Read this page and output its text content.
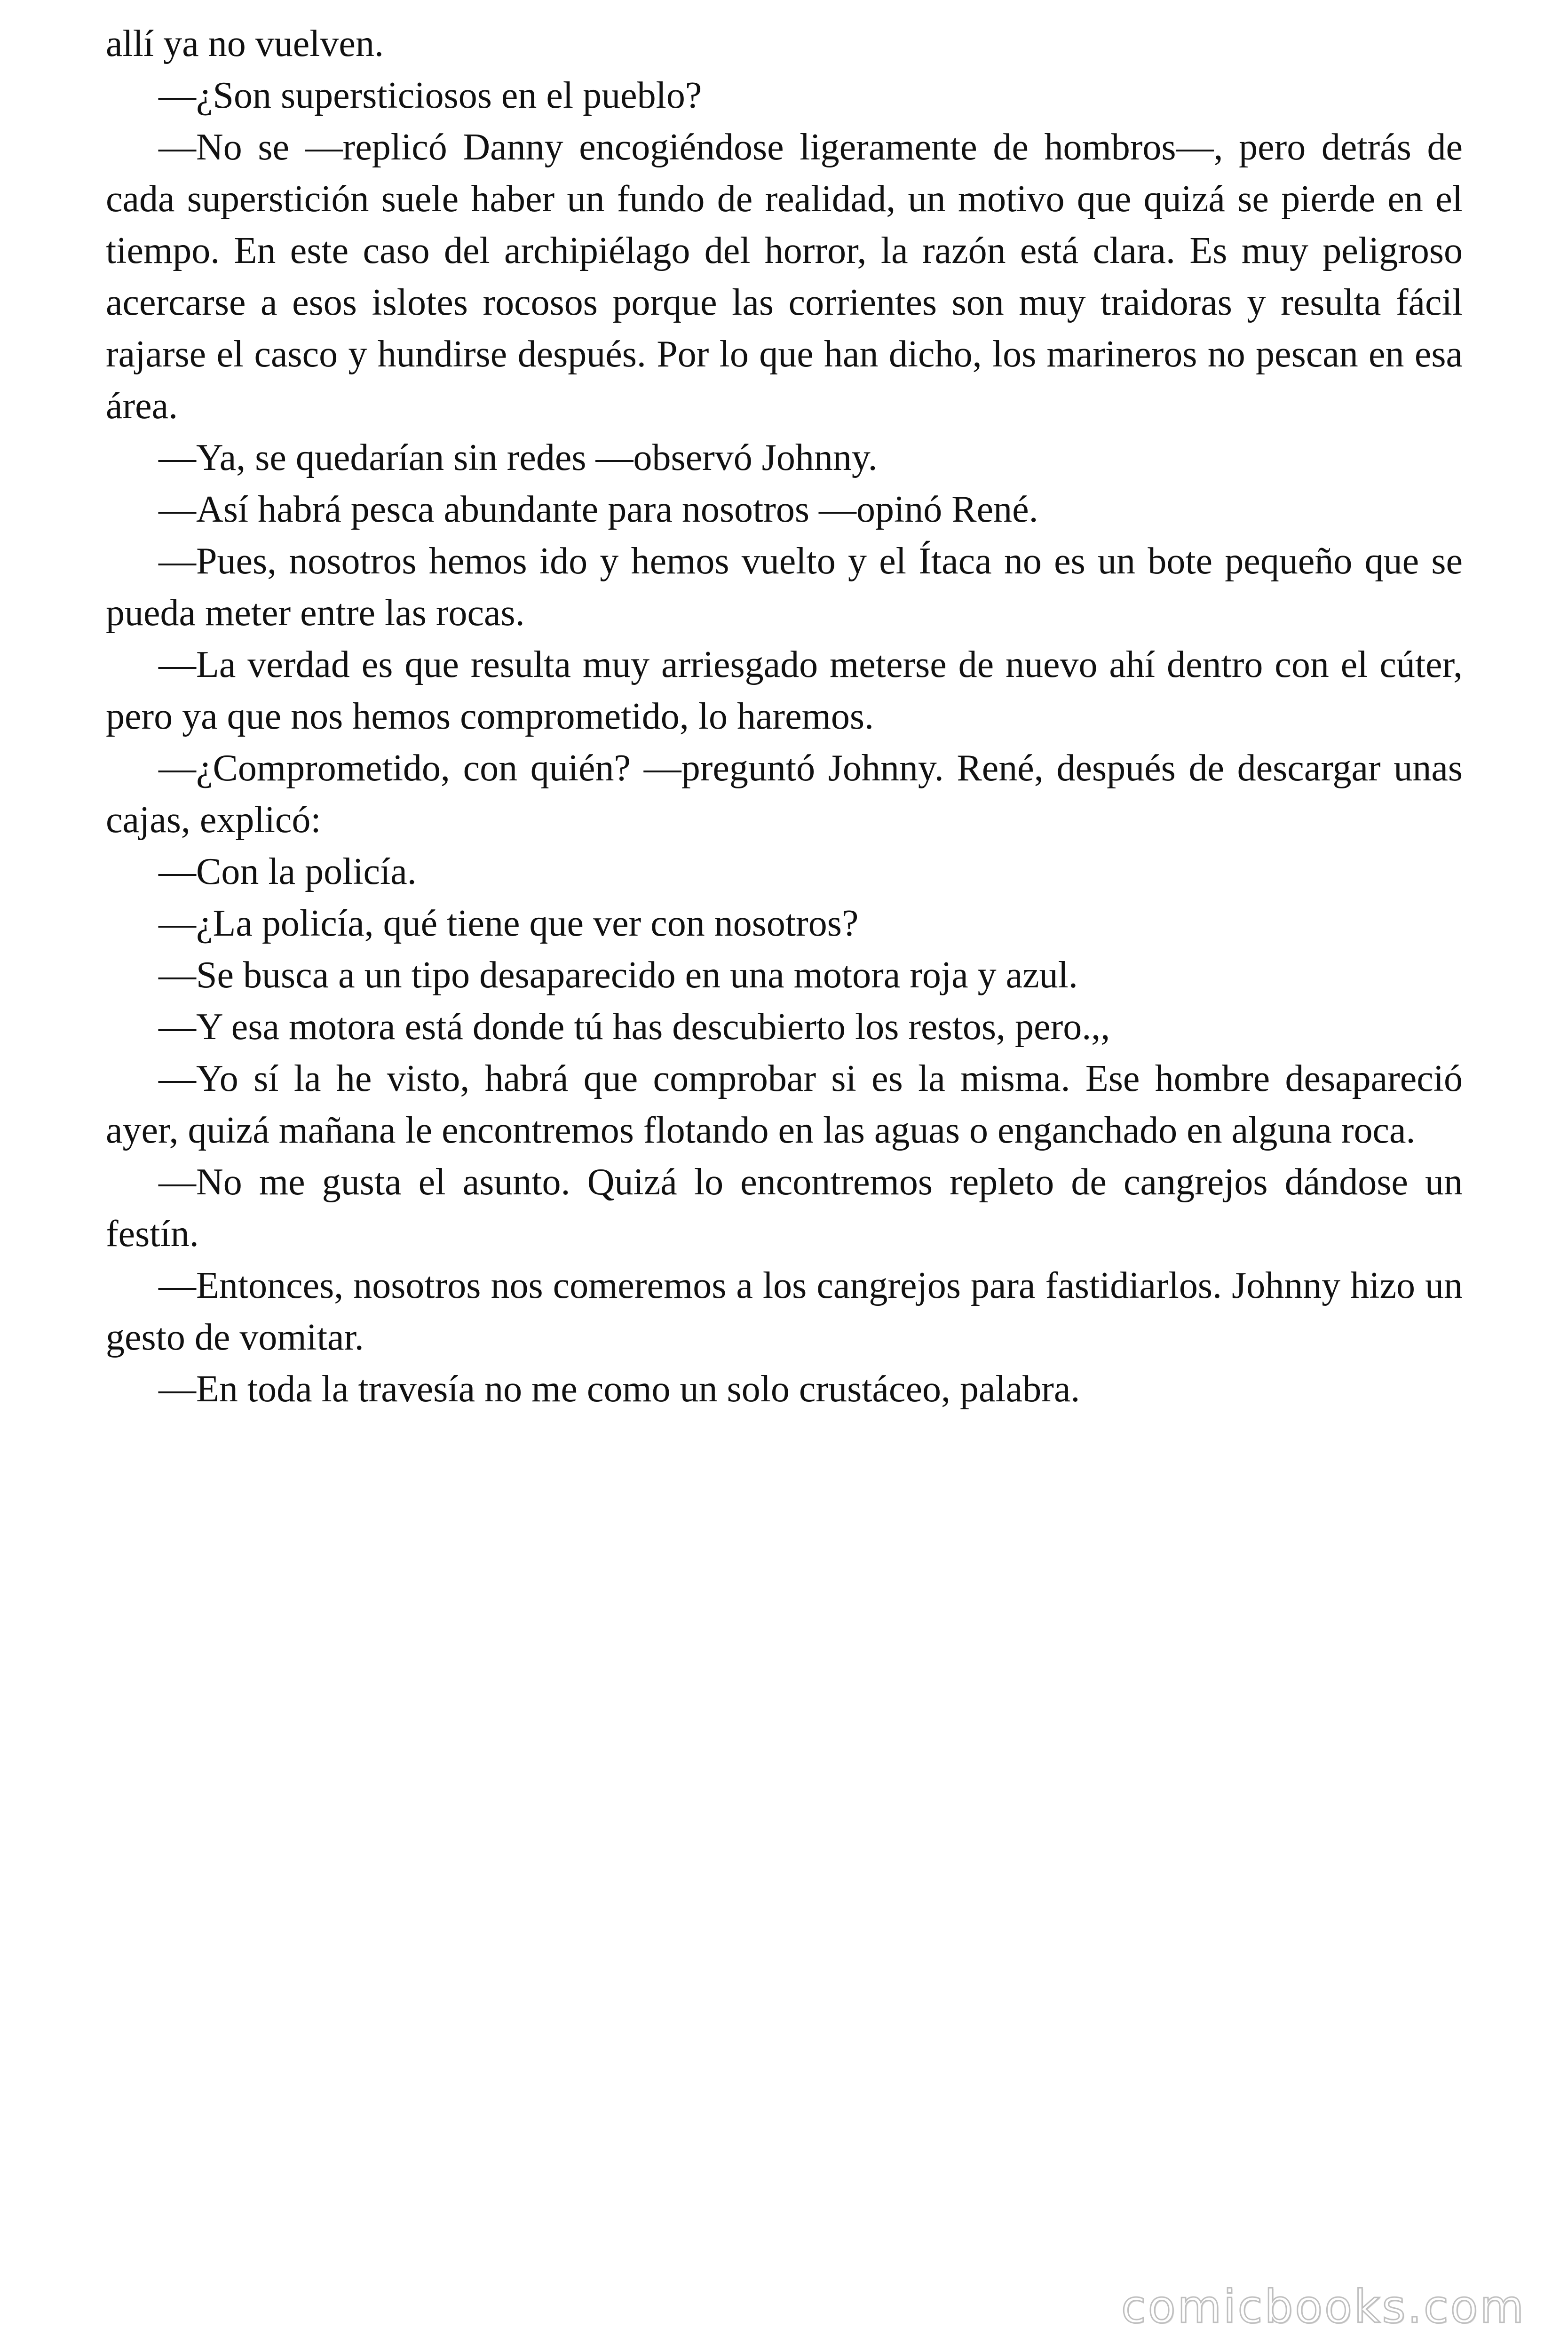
allí ya no vuelven.

—¿Son supersticiosos en el pueblo?

—No se —replicó Danny encogiéndose ligeramente de hombros—, pero detrás de cada superstición suele haber un fundo de realidad, un motivo que quizá se pierde en el tiempo. En este caso del archipiélago del horror, la razón está clara. Es muy peligroso acercarse a esos islotes rocosos porque las corrientes son muy traidoras y resulta fácil rajarse el casco y hundirse después. Por lo que han dicho, los marineros no pescan en esa área.

—Ya, se quedarían sin redes —observó Johnny.

—Así habrá pesca abundante para nosotros —opinó René.

—Pues, nosotros hemos ido y hemos vuelto y el Ítaca no es un bote pequeño que se pueda meter entre las rocas.

—La verdad es que resulta muy arriesgado meterse de nuevo ahí dentro con el cúter, pero ya que nos hemos comprometido, lo haremos.

—¿Comprometido, con quién? —preguntó Johnny. René, después de descargar unas cajas, explicó:

—Con la policía.

—¿La policía, qué tiene que ver con nosotros?

—Se busca a un tipo desaparecido en una motora roja y azul.

—Y esa motora está donde tú has descubierto los restos, pero.,,

—Yo sí la he visto, habrá que comprobar si es la misma. Ese hombre desapareció ayer, quizá mañana le encontremos flotando en las aguas o enganchado en alguna roca.

—No me gusta el asunto. Quizá lo encontremos repleto de cangrejos dándose un festín.

—Entonces, nosotros nos comeremos a los cangrejos para fastidiarlos. Johnny hizo un gesto de vomitar.

—En toda la travesía no me como un solo crustáceo, palabra.

comicbooks.com
